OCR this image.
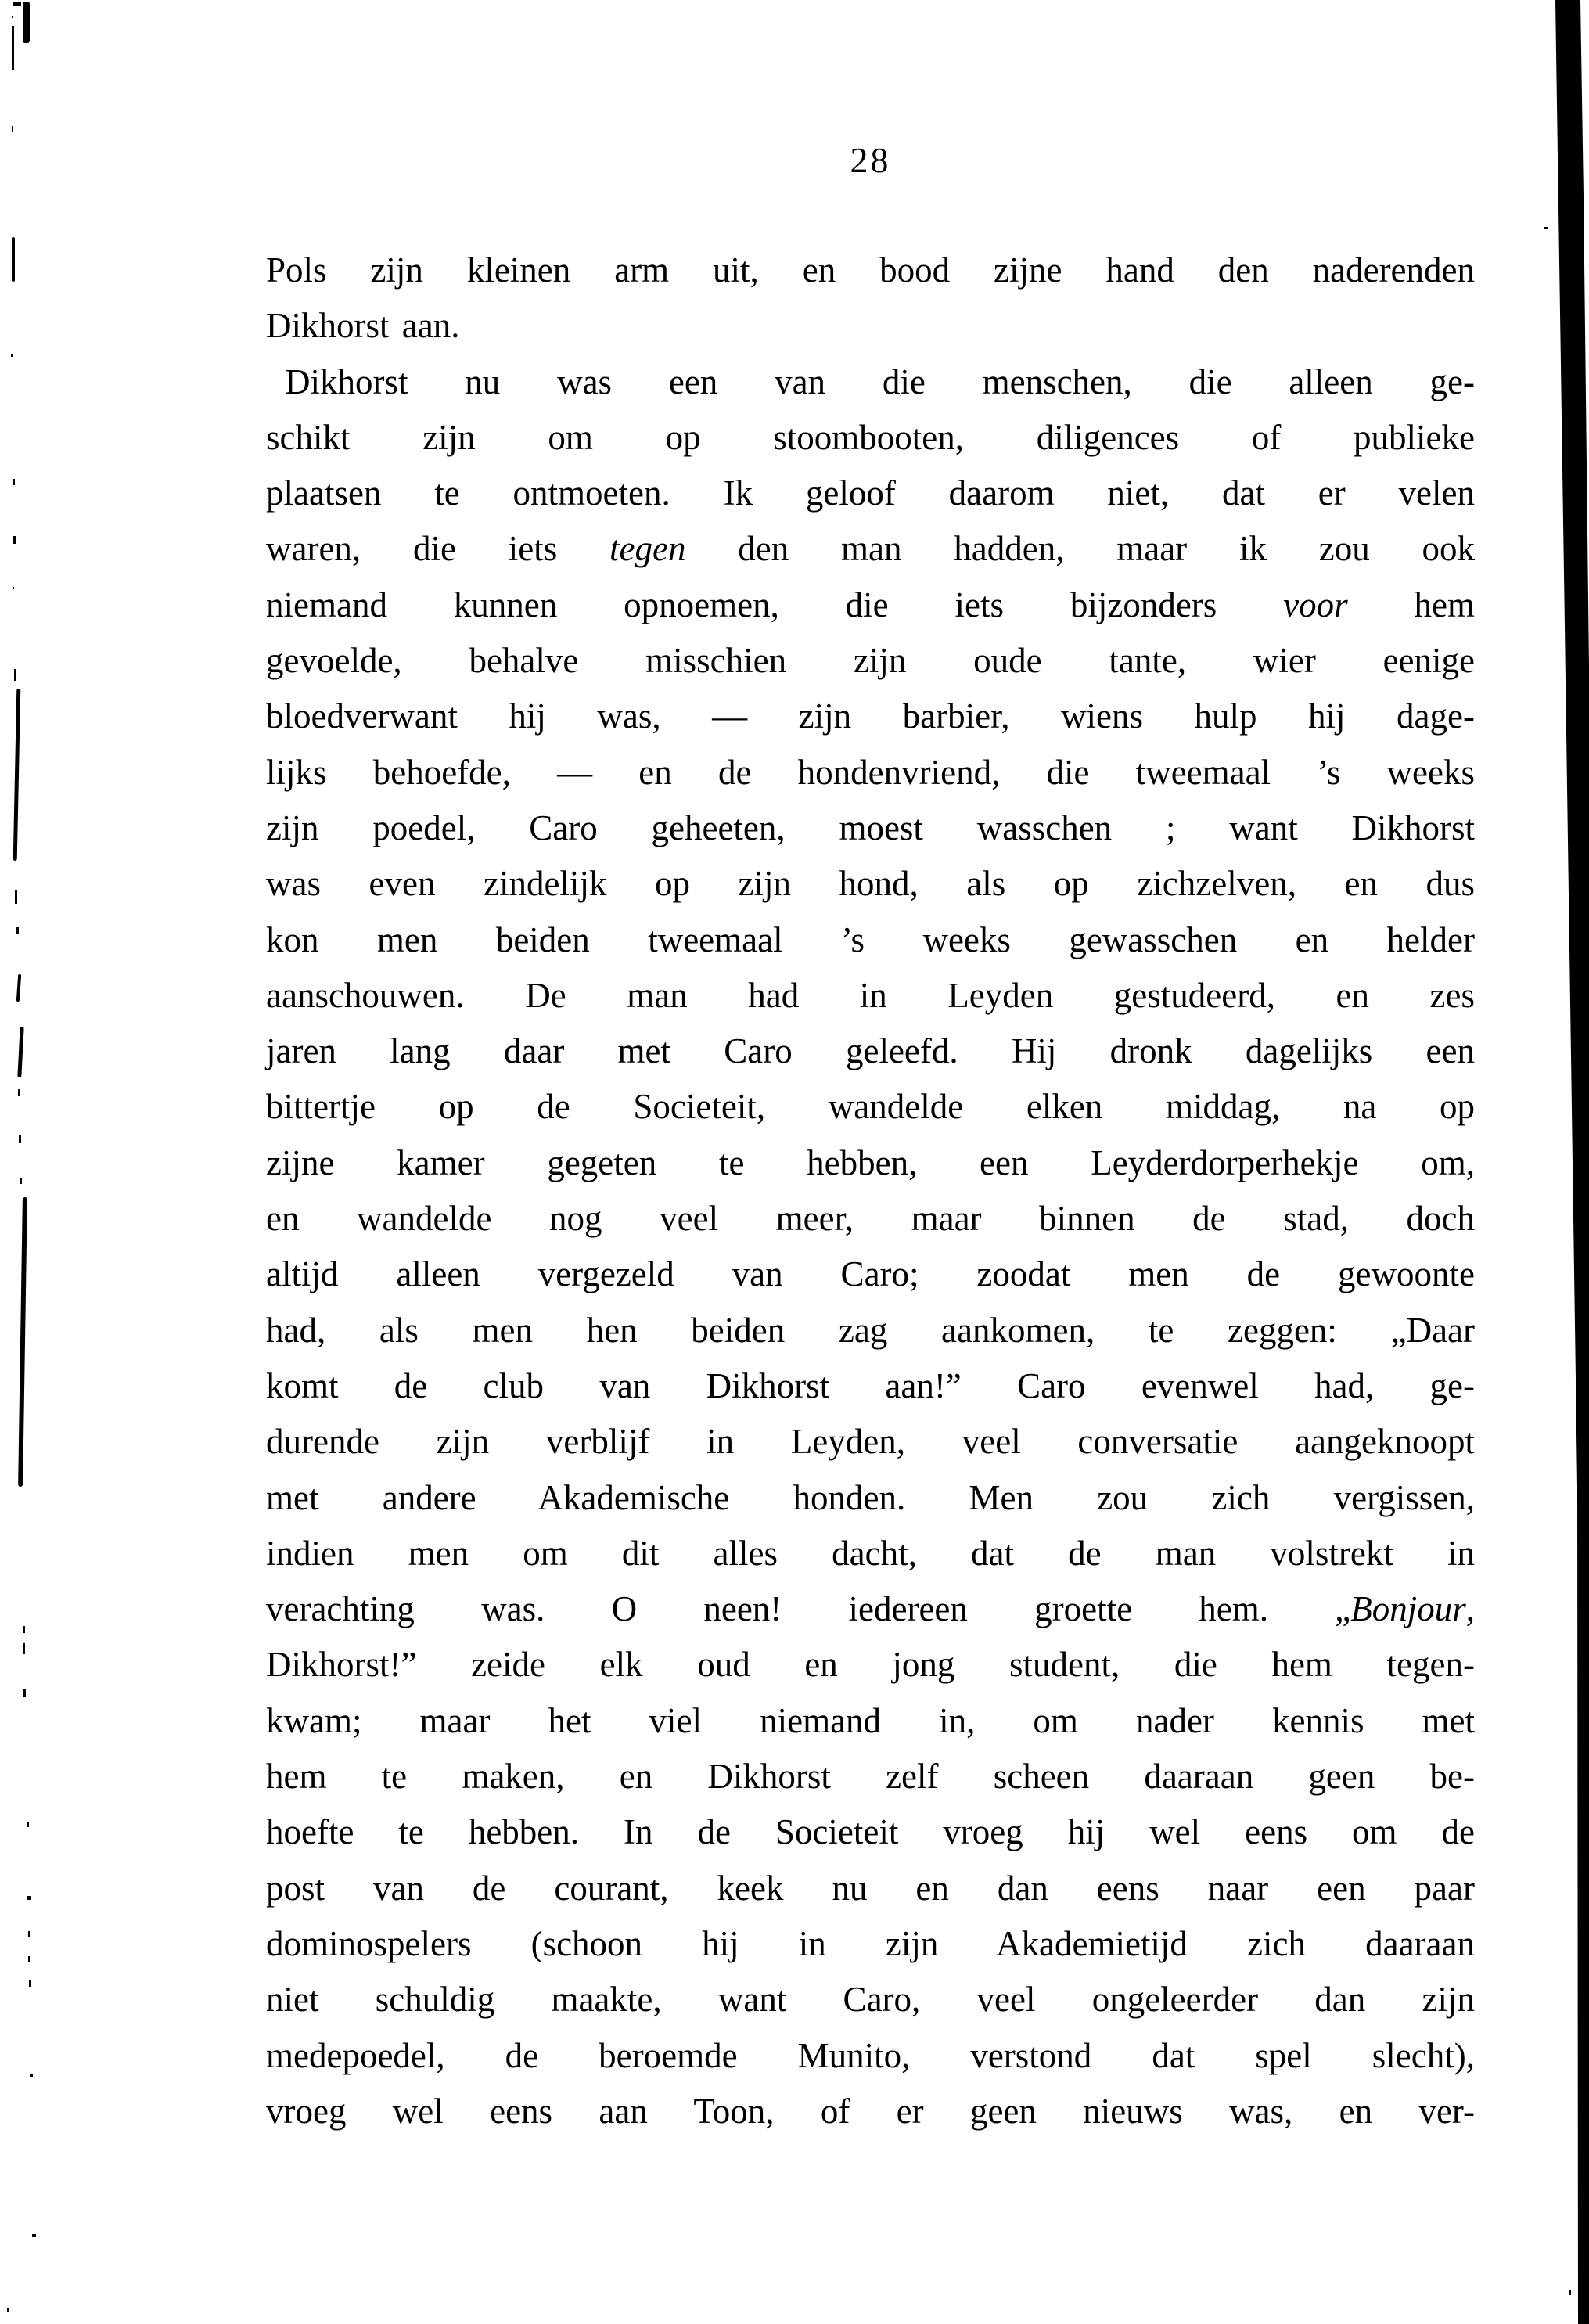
28
Pols zijn kleinen arm uit, en bood zijne hand den naderenden
Dikhorst aan.
Dikhorst nu was een van die menschen, die alleen ge-
schikt zijn om op stoombooten, diligences of publieke
plaatsen te ontmoeten. Ik geloof daarom niet, dat er velen
waren, die iets tegen den man hadden, maar ik zou ook
niemand kunnen opnoemen, die iets bijzonders voor hem
gevoelde, behalve misschien zijn oude tante, wier eenige
bloedverwant hij was, — zijn barbier, wiens hulp hij dage-
lijks behoefde, — en de hondenvriend, die tweemaal ’s weeks
zijn poedel, Caro geheeten, moest wasschen ; want Dikhorst
was even zindelijk op zijn hond, als op zichzelven, en dus
kon men beiden tweemaal ’s weeks gewasschen en helder
aanschouwen. De man had in Leyden gestudeerd, en zes
jaren lang daar met Caro geleefd. Hij dronk dagelijks een
bittertje op de Societeit, wandelde elken middag, na op
zijne kamer gegeten te hebben, een Leyderdorperhekje om,
en wandelde nog veel meer, maar binnen de stad, doch
altijd alleen vergezeld van Caro; zoodat men de gewoonte
had, als men hen beiden zag aankomen, te zeggen: „Daar
komt de club van Dikhorst aan!” Caro evenwel had, ge-
durende zijn verblijf in Leyden, veel conversatie aangeknoopt
met andere Akademische honden. Men zou zich vergissen,
indien men om dit alles dacht, dat de man volstrekt in
verachting was. O neen! iedereen groette hem. „Bonjour,
Dikhorst!” zeide elk oud en jong student, die hem tegen-
kwam; maar het viel niemand in, om nader kennis met
hem te maken, en Dikhorst zelf scheen daaraan geen be-
hoefte te hebben. In de Societeit vroeg hij wel eens om de
post van de courant, keek nu en dan eens naar een paar
dominospelers (schoon hij in zijn Akademietijd zich daaraan
niet schuldig maakte, want Caro, veel ongeleerder dan zijn
medepoedel, de beroemde Munito, verstond dat spel slecht),
vroeg wel eens aan Toon, of er geen nieuws was, en ver-
